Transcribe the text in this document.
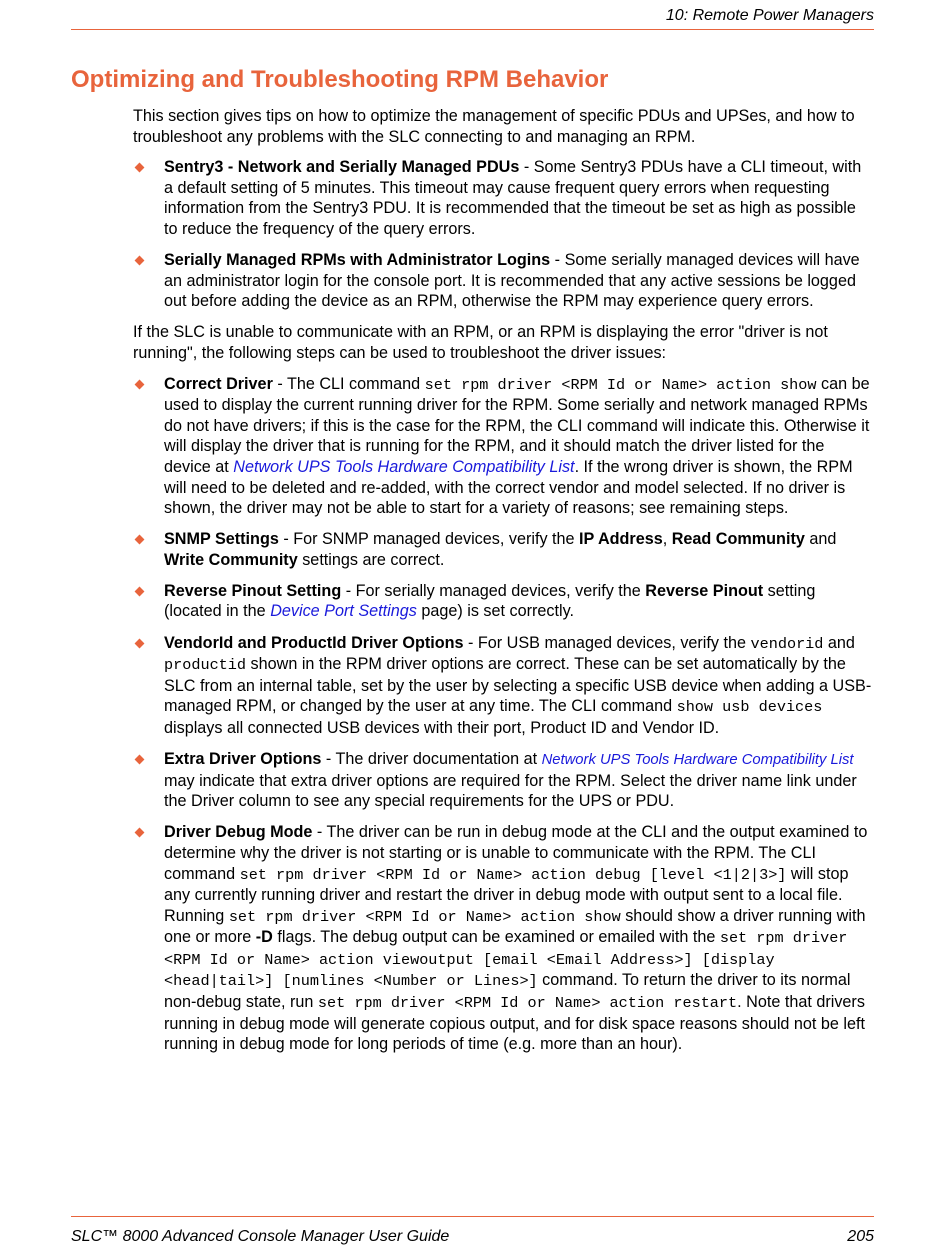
10: Remote Power Managers
Optimizing and Troubleshooting RPM Behavior

This section gives tips on how to optimize the management of specific PDUs and UPSes, and how to troubleshoot any problems with the SLC connecting to and managing an RPM.

Sentry3 - Network and Serially Managed PDUs - Some Sentry3 PDUs have a CLI timeout, with a default setting of 5 minutes. This timeout may cause frequent query errors when requesting information from the Sentry3 PDU. It is recommended that the timeout be set as high as possible to reduce the frequency of the query errors.
Serially Managed RPMs with Administrator Logins - Some serially managed devices will have an administrator login for the console port. It is recommended that any active sessions be logged out before adding the device as an RPM, otherwise the RPM may experience query errors.

If the SLC is unable to communicate with an RPM, or an RPM is displaying the error "driver is not running", the following steps can be used to troubleshoot the driver issues:

Correct Driver - The CLI command set rpm driver <RPM Id or Name> action show can be used to display the current running driver for the RPM. Some serially and network managed RPMs do not have drivers; if this is the case for the RPM, the CLI command will indicate this. Otherwise it will display the driver that is running for the RPM, and it should match the driver listed for the device at Network UPS Tools Hardware Compatibility List. If the wrong driver is shown, the RPM will need to be deleted and re-added, with the correct vendor and model selected. If no driver is shown, the driver may not be able to start for a variety of reasons; see remaining steps.
SNMP Settings - For SNMP managed devices, verify the IP Address, Read Community and Write Community settings are correct.
Reverse Pinout Setting - For serially managed devices, verify the Reverse Pinout setting (located in the Device Port Settings page) is set correctly.
VendorId and ProductId Driver Options - For USB managed devices, verify the vendorid and productid shown in the RPM driver options are correct. These can be set automatically by the SLC from an internal table, set by the user by selecting a specific USB device when adding a USB-managed RPM, or changed by the user at any time. The CLI command show usb devices displays all connected USB devices with their port, Product ID and Vendor ID.
Extra Driver Options - The driver documentation at Network UPS Tools Hardware Compatibility List may indicate that extra driver options are required for the RPM. Select the driver name link under the Driver column to see any special requirements for the UPS or PDU.
Driver Debug Mode - The driver can be run in debug mode at the CLI and the output examined to determine why the driver is not starting or is unable to communicate with the RPM. The CLI command set rpm driver <RPM Id or Name> action debug [level <1|2|3>] will stop any currently running driver and restart the driver in debug mode with output sent to a local file. Running set rpm driver <RPM Id or Name> action show should show a driver running with one or more -D flags. The debug output can be examined or emailed with the set rpm driver <RPM Id or Name> action viewoutput [email <Email Address>] [display <head|tail>] [numlines <Number or Lines>] command. To return the driver to its normal non-debug state, run set rpm driver <RPM Id or Name> action restart. Note that drivers running in debug mode will generate copious output, and for disk space reasons should not be left running in debug mode for long periods of time (e.g. more than an hour).
SLC™ 8000 Advanced Console Manager User Guide	205
